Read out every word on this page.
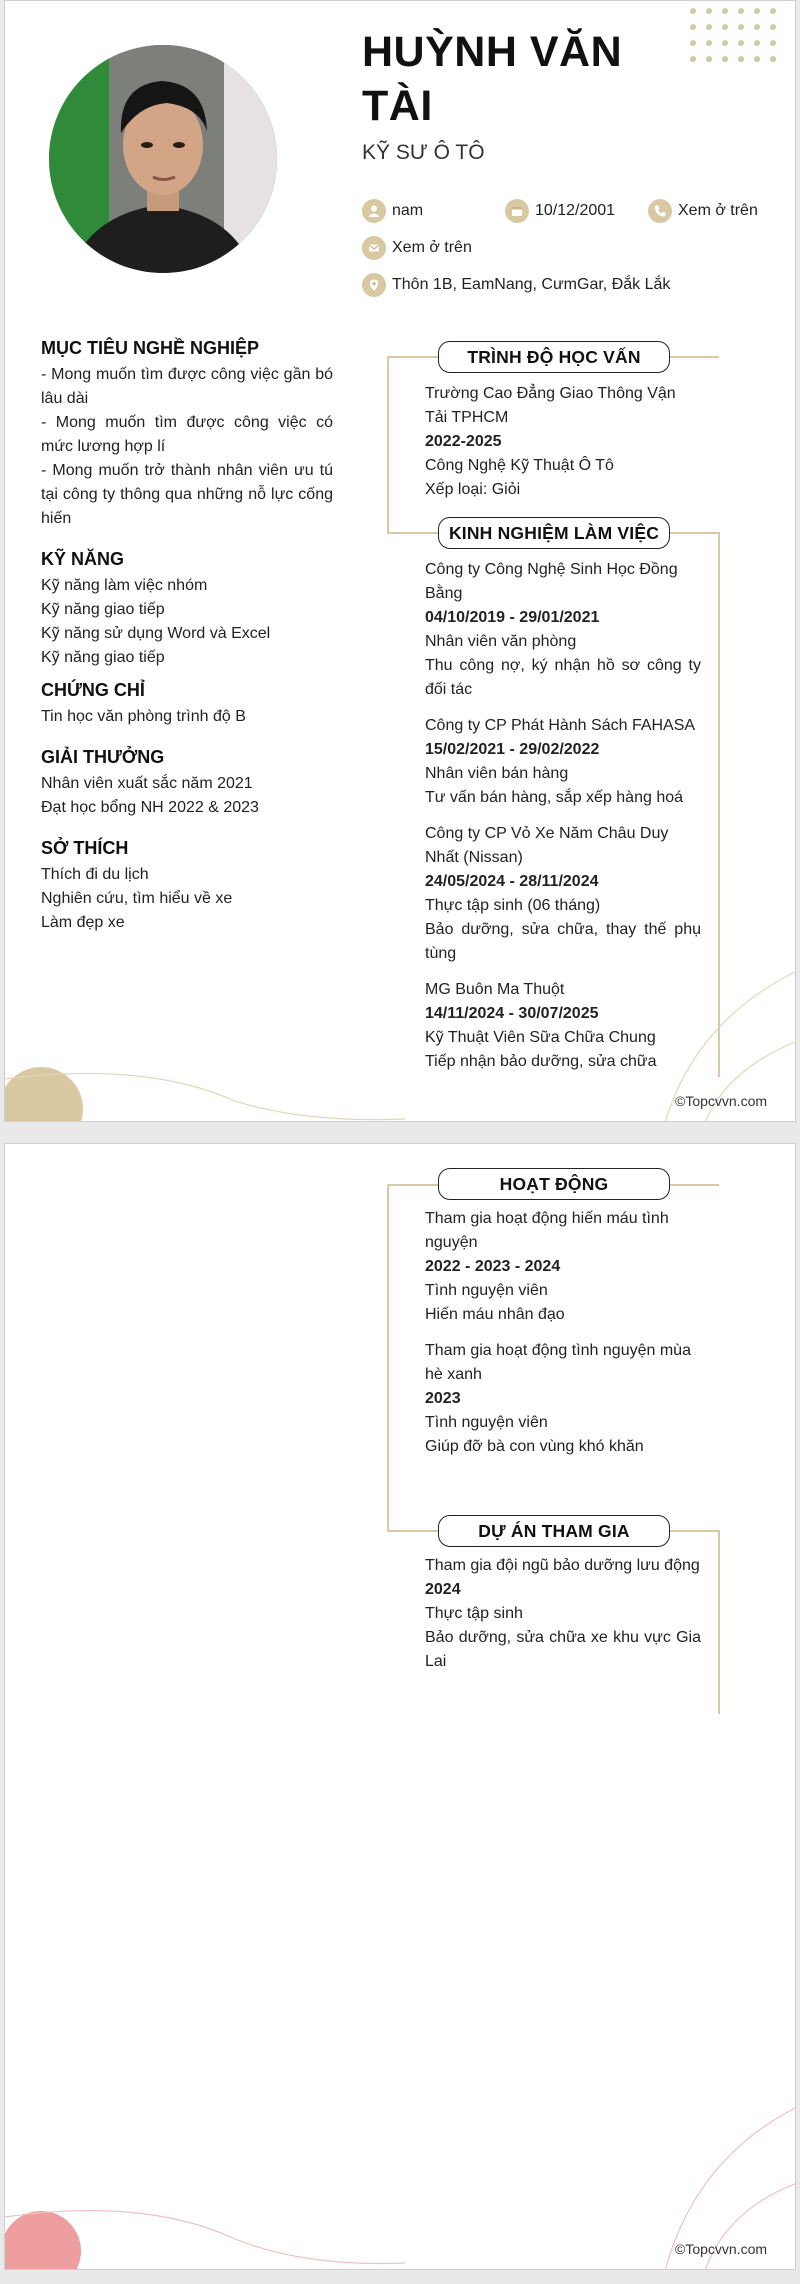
HUỲNH VĂN
TÀI
KỸ SƯ Ô TÔ
nam	10/12/2001	Xem ở trên
Xem ở trên
Thôn 1B, EamNang, CưmGar, Đắk Lắk
MỤC TIÊU NGHỀ NGHIỆP
- Mong muốn tìm được công việc gần bó lâu dài
- Mong muốn tìm được công việc có mức lương hợp lí
- Mong muốn trở thành nhân viên ưu tú tại công ty thông qua những nỗ lực cống hiến
KỸ NĂNG
Kỹ năng làm việc nhóm
Kỹ năng giao tiếp
Kỹ năng sử dụng Word và Excel
Kỹ năng giao tiếp
CHỨNG CHỈ
Tin học văn phòng trình độ B
GIẢI THƯỞNG
Nhân viên xuất sắc năm 2021
Đạt học bổng NH 2022 & 2023
SỞ THÍCH
Thích đi du lịch
Nghiên cứu, tìm hiểu về xe
Làm đẹp xe
TRÌNH ĐỘ HỌC VẤN
Trường Cao Đẳng Giao Thông Vận Tải TPHCM
2022-2025
Công Nghệ Kỹ Thuật Ô Tô
Xếp loại: Giỏi
KINH NGHIỆM LÀM VIỆC
Công ty Công Nghệ Sinh Học Đồng Bằng
04/10/2019 - 29/01/2021
Nhân viên văn phòng
Thu công nợ, ký nhận hồ sơ công ty đối tác
Công ty CP Phát Hành Sách FAHASA
15/02/2021 - 29/02/2022
Nhân viên bán hàng
Tư vấn bán hàng, sắp xếp hàng hoá
Công ty CP Vỏ Xe Năm Châu Duy Nhất (Nissan)
24/05/2024 - 28/11/2024
Thực tập sinh (06 tháng)
Bảo dưỡng, sửa chữa, thay thế phụ tùng
MG Buôn Ma Thuột
14/11/2024 - 30/07/2025
Kỹ Thuật Viên Sữa Chữa Chung
Tiếp nhận bảo dưỡng, sửa chữa
©Topcvvn.com
HOẠT ĐỘNG
Tham gia hoạt động hiến máu tình nguyện
2022 - 2023 - 2024
Tình nguyện viên
Hiến máu nhân đạo
Tham gia hoạt động tình nguyện mùa hè xanh
2023
Tình nguyện viên
Giúp đỡ bà con vùng khó khăn
DỰ ÁN THAM GIA
Tham gia đội ngũ bảo dưỡng lưu động
2024
Thực tập sinh
Bảo dưỡng, sửa chữa xe khu vực Gia Lai
©Topcvvn.com
